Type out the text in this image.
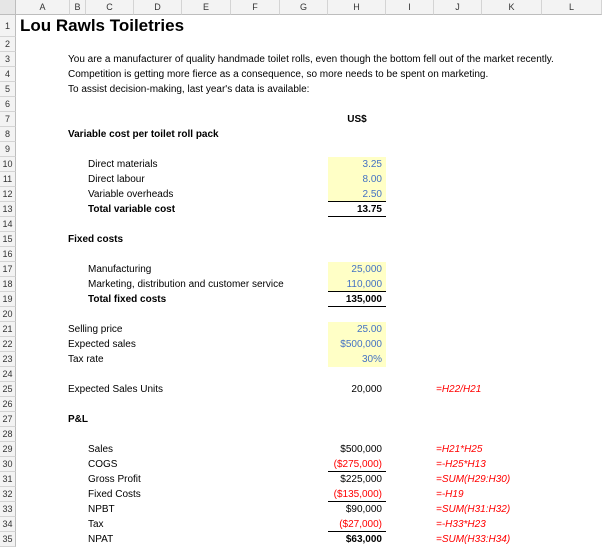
A	B	C	D	E	F	G	H	I	J	K	L
1
2
3
4
5
6
7
8
9
10
11
12
13
14
15
16
17
18
19
20
21
22
23
24
25
26
27
28
29
30
31
32
33
34
35
Lou Rawls Toiletries
You are a manufacturer of quality handmade toilet rolls, even though the bottom fell out of the market recently.
Competition is getting more fierce as a consequence, so more needs to be spent on marketing.
To assist decision-making, last year's data is available:
US$
Variable cost per toilet roll pack
Direct materials	3.25
Direct labour	8.00
Variable overheads	2.50
Total variable cost	13.75
Fixed costs
Manufacturing	25,000
Marketing, distribution and customer service	110,000
Total fixed costs	135,000
Selling price	25.00
Expected sales	$500,000
Tax rate	30%
Expected Sales Units	20,000	=H22/H21
P&L
Sales	$500,000	=H21*H25
COGS	($275,000)	=-H25*H13
Gross Profit	$225,000	=SUM(H29:H30)
Fixed Costs	($135,000)	=-H19
NPBT	$90,000	=SUM(H31:H32)
Tax	($27,000)	=-H33*H23
NPAT	$63,000	=SUM(H33:H34)
